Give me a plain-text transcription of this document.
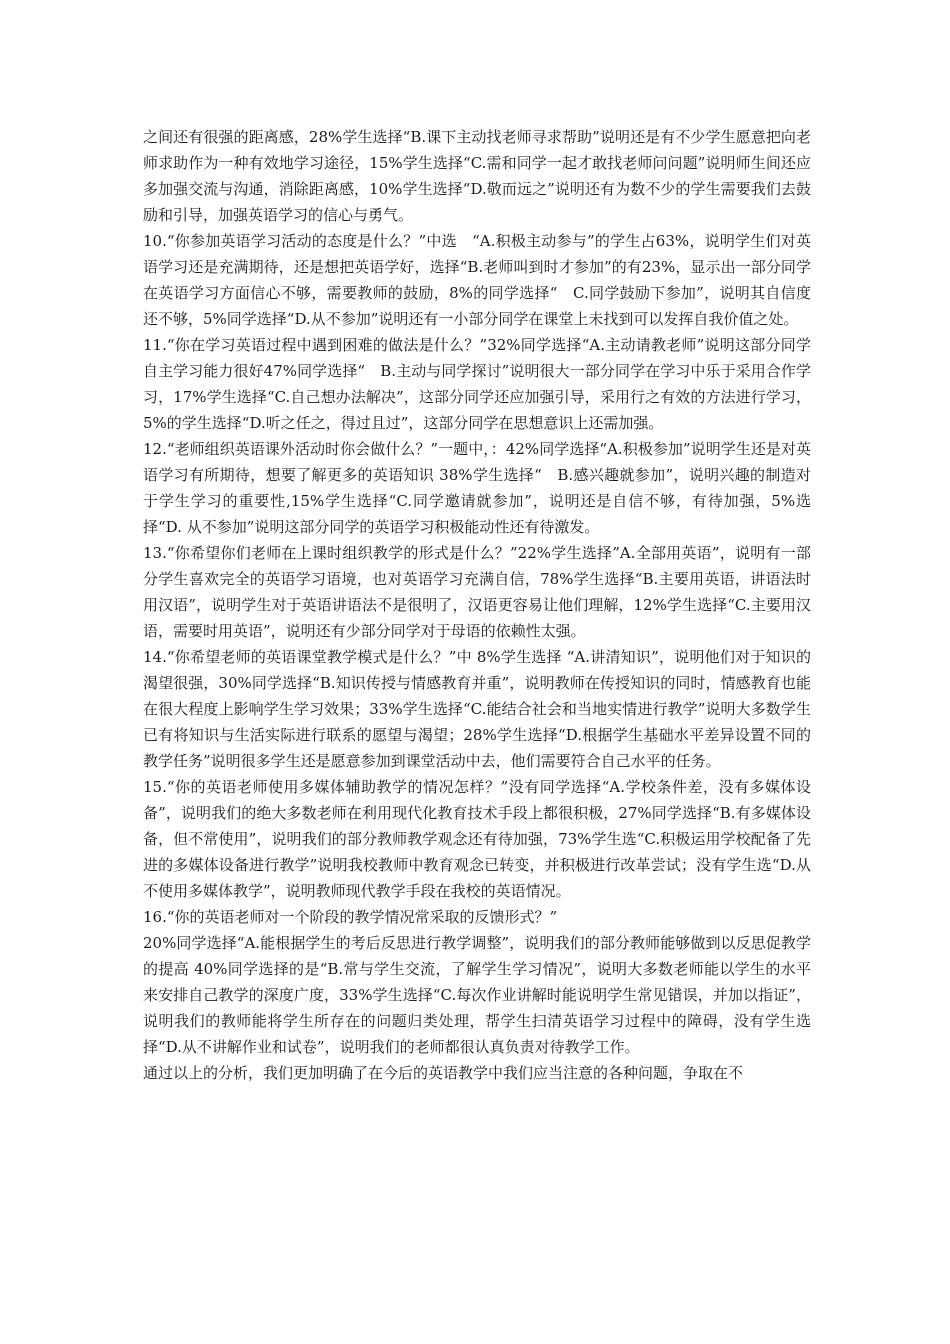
之间还有很强的距离感，28%学生选择“B.课下主动找老师寻求帮助”说明还是有不少学生愿意把向老师求助作为一种有效地学习途径，15%学生选择“C.需和同学一起才敢找老师问问题”说明师生间还应多加强交流与沟通，消除距离感，10%学生选择“D.敬而远之”说明还有为数不少的学生需要我们去鼓励和引导，加强英语学习的信心与勇气。

10.“你参加英语学习活动的态度是什么？”中选　“A.积极主动参与”的学生占63%，说明学生们对英语学习还是充满期待，还是想把英语学好，选择“B.老师叫到时才参加”的有23%，显示出一部分同学在英语学习方面信心不够，需要教师的鼓励，8%的同学选择“　C.同学鼓励下参加”，说明其自信度还不够，5%同学选择“D.从不参加”说明还有一小部分同学在课堂上未找到可以发挥自我价值之处。

11.“你在学习英语过程中遇到困难的做法是什么？”32%同学选择“A.主动请教老师”说明这部分同学自主学习能力很好47%同学选择“　B.主动与同学探讨”说明很大一部分同学在学习中乐于采用合作学习，17%学生选择“C.自己想办法解决”，这部分同学还应加强引导，采用行之有效的方法进行学习，5%的学生选择“D.听之任之，得过且过”，这部分同学在思想意识上还需加强。

12.“老师组织英语课外活动时你会做什么？”一题中，：42%同学选择“A.积极参加”说明学生还是对英语学习有所期待，想要了解更多的英语知识 38%学生选择“　B.感兴趣就参加”，说明兴趣的制造对于学生学习的重要性,15%学生选择“C.同学邀请就参加”，说明还是自信不够，有待加强，5%选择“D. 从不参加”说明这部分同学的英语学习积极能动性还有待激发。

13.“你希望你们老师在上课时组织教学的形式是什么？”22%学生选择”A.全部用英语”，说明有一部分学生喜欢完全的英语学习语境，也对英语学习充满自信，78%学生选择“B.主要用英语，讲语法时用汉语”，说明学生对于英语讲语法不是很明了，汉语更容易让他们理解，12%学生选择“C.主要用汉语，需要时用英语”，说明还有少部分同学对于母语的依赖性太强。

14.“你希望老师的英语课堂教学模式是什么？”中 8%学生选择 “A.讲清知识”，说明他们对于知识的渴望很强，30%同学选择“B.知识传授与情感教育并重”，说明教师在传授知识的同时，情感教育也能在很大程度上影响学生学习效果；33%学生选择“C.能结合社会和当地实情进行教学”说明大多数学生已有将知识与生活实际进行联系的愿望与渴望；28%学生选择“D.根据学生基础水平差异设置不同的教学任务”说明很多学生还是愿意参加到课堂活动中去，他们需要符合自己水平的任务。

15.“你的英语老师使用多媒体辅助教学的情况怎样？”没有同学选择“A.学校条件差，没有多媒体设备”，说明我们的绝大多数老师在利用现代化教育技术手段上都很积极，27%同学选择“B.有多媒体设备，但不常使用”，说明我们的部分教师教学观念还有待加强，73%学生选“C.积极运用学校配备了先进的多媒体设备进行教学”说明我校教师中教育观念已转变，并积极进行改革尝试；没有学生选“D.从不使用多媒体教学”，说明教师现代教学手段在我校的英语情况。

16.“你的英语老师对一个阶段的教学情况常采取的反馈形式？”

20%同学选择“A.能根据学生的考后反思进行教学调整”，说明我们的部分教师能够做到以反思促教学的提高 40%同学选择的是“B.常与学生交流，了解学生学习情况”，说明大多数老师能以学生的水平来安排自己教学的深度广度，33%学生选择“C.每次作业讲解时能说明学生常见错误，并加以指证”，说明我们的教师能将学生所存在的问题归类处理，帮学生扫清英语学习过程中的障碍，没有学生选择“D.从不讲解作业和试卷”，说明我们的老师都很认真负责对待教学工作。

通过以上的分析，我们更加明确了在今后的英语教学中我们应当注意的各种问题，争取在不
